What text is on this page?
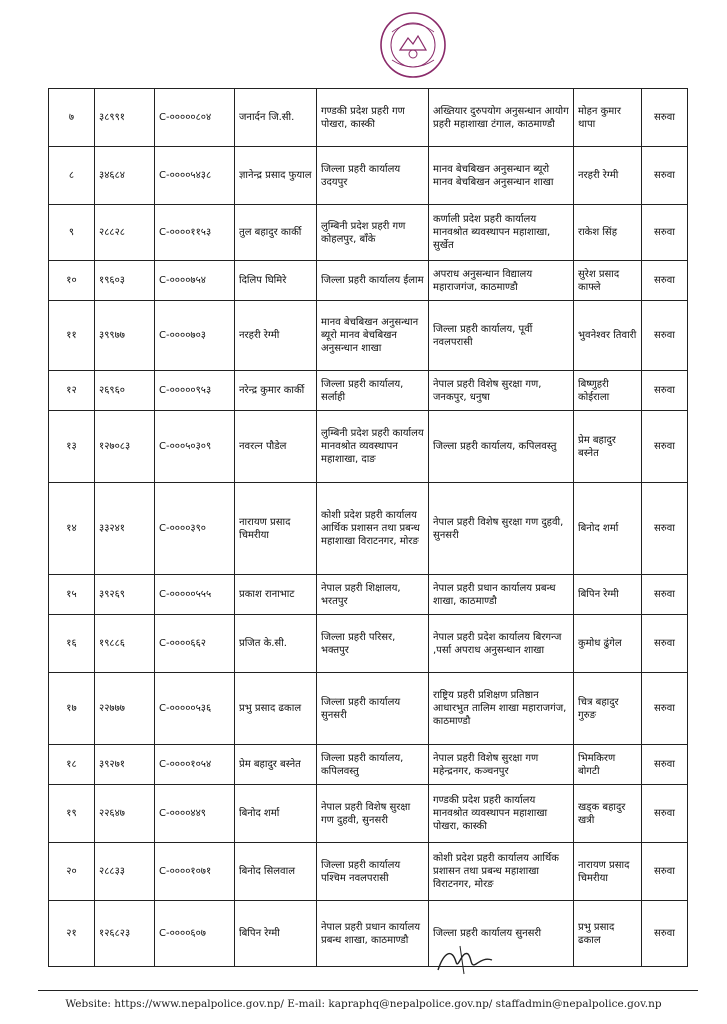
७	३८९९१	C-०००००८०४	जनार्दन जि.सी.	गण्डकी प्रदेश प्रहरी गण पोखरा, कास्की	अख्तियार दुरुपयोग अनुसन्धान आयोग प्रहरी महाशाखा टंगाल, काठमाण्डौ	मोहन कुमार थापा	सरुवा
८	३४६८४	C-००००५४३८	ज्ञानेन्द्र प्रसाद फुयाल	जिल्ला प्रहरी कार्यालय उदयपुर	मानव बेचबिखन अनुसन्धान ब्यूरो मानव बेचबिखन अनुसन्धान शाखा	नरहरी रेग्मी	सरुवा
९	२८८२८	C-००००११५३	तुल बहादुर कार्की	लुम्बिनी प्रदेश प्रहरी गण कोहलपुर, बाँके	कर्णाली प्रदेश प्रहरी कार्यालय मानवश्रोत ब्यवस्थापन महाशाखा, सुर्खेत	राकेश सिंह	सरुवा
१०	१९६०३	C-००००७५४	दिलिप घिमिरे	जिल्ला प्रहरी कार्यालय ईलाम	अपराध अनुसन्धान विद्यालय महाराजगंज, काठमाण्डौ	सुरेश प्रसाद काफ्ले	सरुवा
११	३९९७७	C-००००७०३	नरहरी रेग्मी	मानव बेचबिखन अनुसन्धान ब्यूरो मानव बेचबिखन अनुसन्धान शाखा	जिल्ला प्रहरी कार्यालय, पूर्वी नवलपरासी	भुवनेश्वर तिवारी	सरुवा
१२	२६९६०	C-०००००९५३	नरेन्द्र कुमार कार्की	जिल्ला प्रहरी कार्यालय, सर्लाही	नेपाल प्रहरी विशेष सुरक्षा गण, जनकपुर, धनुषा	बिष्णुहरी कोईराला	सरुवा
१३	१२७०८३	C-०००५०३०९	नवरत्न पौडेल	लुम्बिनी प्रदेश प्रहरी कार्यालय मानवश्रोत व्यवस्थापन महाशाखा, दाङ	जिल्ला प्रहरी कार्यालय, कपिलवस्तु	प्रेम बहादुर बस्नेत	सरुवा
१४	३३२४१	C-००००३९०	नारायण प्रसाद चिमरीया	कोशी प्रदेश प्रहरी कार्यालय आर्थिक प्रशासन तथा प्रबन्ध महाशाखा विराटनगर, मोरङ	नेपाल प्रहरी विशेष सुरक्षा गण दुहवी, सुनसरी	बिनोद शर्मा	सरुवा
१५	३९२६९	C-०००००५५५	प्रकाश रानाभाट	नेपाल प्रहरी शिक्षालय, भरतपुर	नेपाल प्रहरी प्रधान कार्यालय प्रबन्ध शाखा, काठमाण्डौ	बिपिन रेग्मी	सरुवा
१६	१९८८६	C-००००६६२	प्रजित के.सी.	जिल्ला प्रहरी परिसर, भक्तपुर	नेपाल प्रहरी प्रदेश कार्यालय बिरगन्ज ,पर्सा अपराध अनुसन्धान शाखा	कुमोध ढुंगेल	सरुवा
१७	२२७७७	C-०००००५३६	प्रभु प्रसाद ढकाल	जिल्ला प्रहरी कार्यालय सुनसरी	राष्ट्रिय प्रहरी प्रशिक्षण प्रतिष्ठान आधारभुत तालिम शाखा महाराजगंज, काठमाण्डौ	चित्र बहादुर गुरुङ	सरुवा
१८	३९२७१	C-००००१०५४	प्रेम बहादुर बस्नेत	जिल्ला प्रहरी कार्यालय, कपिलवस्तु	नेपाल प्रहरी विशेष सुरक्षा गण महेन्द्रनगर, कञ्चनपुर	भिमकिरण बोगटी	सरुवा
१९	२२६४७	C-००००४४९	बिनोद शर्मा	नेपाल प्रहरी विशेष सुरक्षा गण दुहवी, सुनसरी	गण्डकी प्रदेश प्रहरी कार्यालय मानवश्रोत व्यवस्थापन महाशाखा पोखरा, कास्की	खड्क बहादुर खत्री	सरुवा
२०	२८८३३	C-००००१०७१	बिनोद सिलवाल	जिल्ला प्रहरी कार्यालय पश्चिम नवलपरासी	कोशी प्रदेश प्रहरी कार्यालय आर्थिक प्रशासन तथा प्रबन्ध महाशाखा विराटनगर, मोरङ	नारायण प्रसाद चिमरीया	सरुवा
२१	१२६८२३	C-००००६०७	बिपिन रेग्मी	नेपाल प्रहरी प्रधान कार्यालय प्रबन्ध शाखा, काठमाण्डौ	जिल्ला प्रहरी कार्यालय सुनसरी	प्रभु प्रसाद ढकाल	सरुवा
Website: https://www.nepalpolice.gov.np/ E-mail: kapraphq@nepalpolice.gov.np/ staffadmin@nepalpolice.gov.np
